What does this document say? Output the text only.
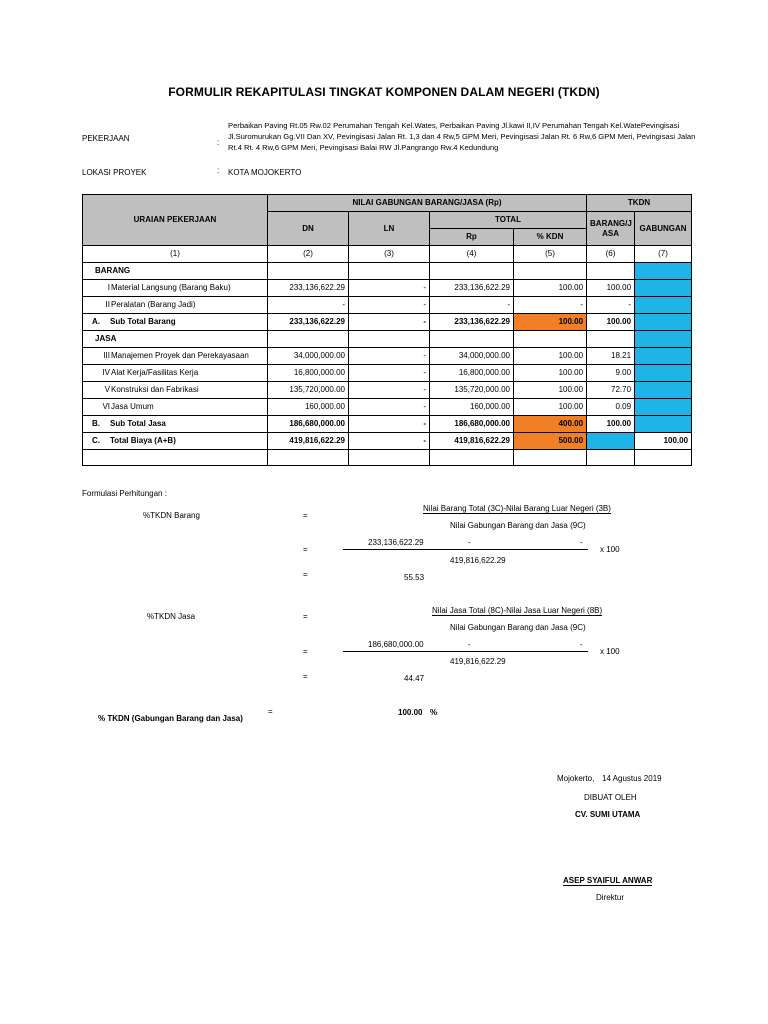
FORMULIR REKAPITULASI TINGKAT KOMPONEN DALAM NEGERI (TKDN)
PEKERJAAN	:
Perbaikan Paving Rt.05 Rw.02 Perumahan Tengah Kel.Wates, Perbaikan Paving Jl.kawi II,IV Perumahan Tengah Kel.WatePevingisasi Jl.Suromurukan Gg.VII Dan XV, Pevingisasi Jalan Rt. 1,3 dan 4 Rw,5 GPM Meri, Pevingisasi Jalan Rt. 6 Rw,6 GPM Meri, Pevingisasi Jalan Rt.4 Rt. 4 Rw,6 GPM Meri, Pevingisasi Balai RW Jl.Pangrango Rw.4 Kedundung
LOKASI PROYEK	: KOTA MOJOKERTO
URAIAN PEKERJAAN	NILAI GABUNGAN BARANG/JASA (Rp)				TKDN	
	DN	LN	TOTAL		BARANG/J ASA	GABUNGAN
			Rp	% KDN		
(1)	(2)	(3)	(4)	(5)	(6)	(7)
BARANG						
IMaterial Langsung (Barang Baku)	233,136,622.29	-	233,136,622.29	100.00	100.00	
IIPeralatan (Barang Jadi)	-	-	-	-	-	
A. Sub Total Barang	233,136,622.29	-	233,136,622.29	100.00	100.00	
JASA						
IIIManajemen Proyek dan Perekayasaan	34,000,000.00	-	34,000,000.00	100.00	18.21	
IVAlat Kerja/Fasilitas Kerja	16,800,000.00	-	16,800,000.00	100.00	9.00	
VKonstruksi dan Fabrikasi	135,720,000.00	-	135,720,000.00	100.00	72.70	
VIJasa Umum	160,000.00	-	160,000.00	100.00	0.09	
B. Sub Total Jasa	186,680,000.00	-	186,680,000.00	400.00	100.00	
C. Total Biaya (A+B)	419,816,622.29	-	419,816,622.29	500.00		100.00

Formulasi Perhitungan :
%TKDN Barang	=
Nilai Barang Total (3C)-Nilai Barang Luar Negeri (3B)
Nilai Gabungan Barang dan Jasa (9C)
=
233,136,622.29	-	-
419,816,622.29
x 100
=	55.53
%TKDN Jasa	=
Nilai Jasa Total (8C)-Nilai Jasa Luar Negeri (8B)
Nilai Gabungan Barang dan Jasa (9C)
=
186,680,000.00	-	-
419,816,622.29
x 100
=	44.47
% TKDN (Gabungan Barang dan Jasa)
=	100.00 %
Mojokerto, 14 Agustus 2019
DIBUAT OLEH
CV. SUMI UTAMA
ASEP SYAIFUL ANWAR
Direktur
